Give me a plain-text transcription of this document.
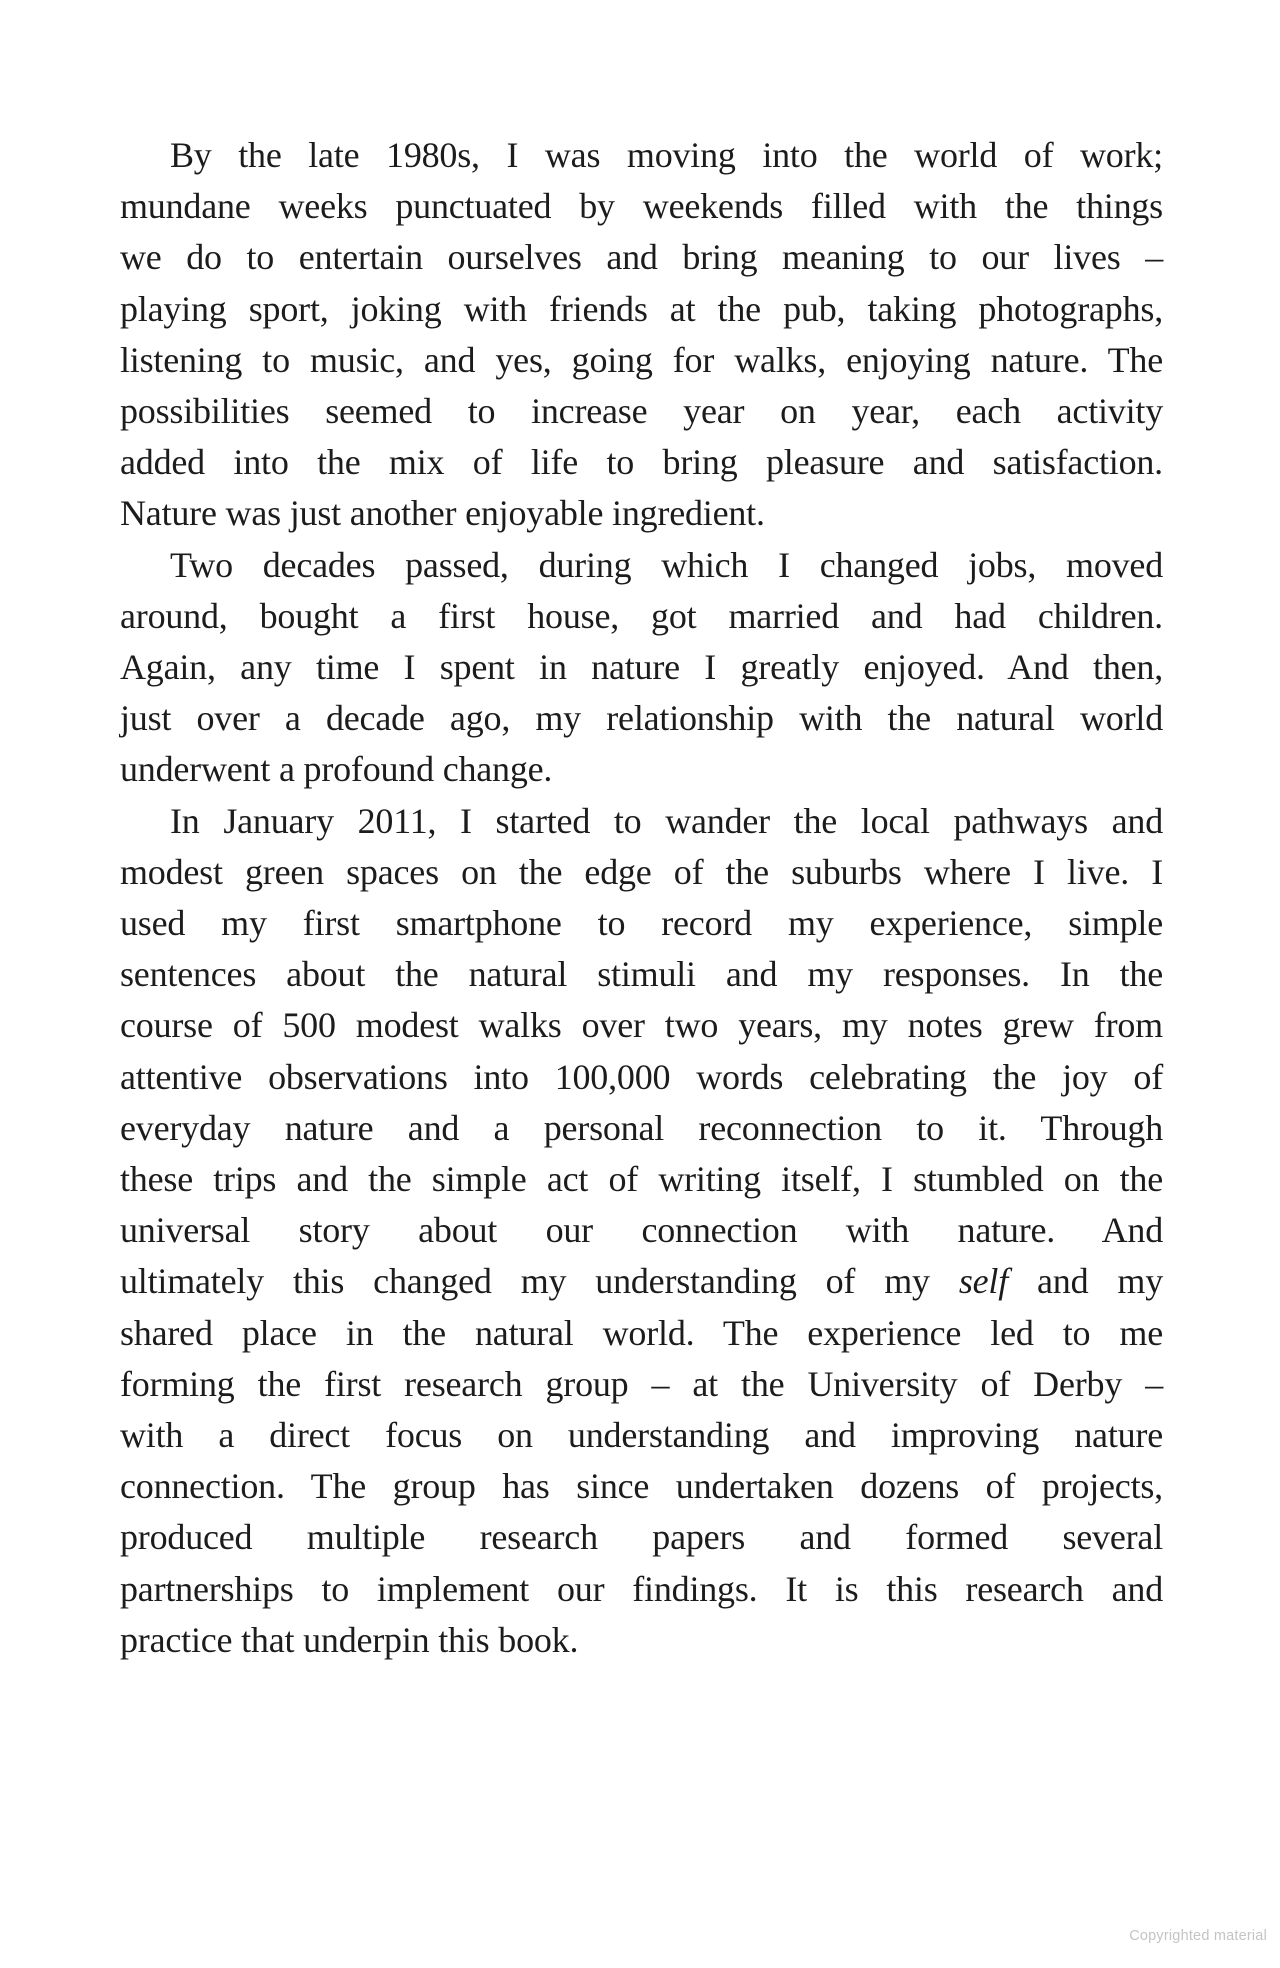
By the late 1980s, I was moving into the world of work;
mundane weeks punctuated by weekends filled with the things
we do to entertain ourselves and bring meaning to our lives –
playing sport, joking with friends at the pub, taking photographs,
listening to music, and yes, going for walks, enjoying nature. The
possibilities seemed to increase year on year, each activity
added into the mix of life to bring pleasure and satisfaction.
Nature was just another enjoyable ingredient.
Two decades passed, during which I changed jobs, moved
around, bought a first house, got married and had children.
Again, any time I spent in nature I greatly enjoyed. And then,
just over a decade ago, my relationship with the natural world
underwent a profound change.
In January 2011, I started to wander the local pathways and
modest green spaces on the edge of the suburbs where I live. I
used my first smartphone to record my experience, simple
sentences about the natural stimuli and my responses. In the
course of 500 modest walks over two years, my notes grew from
attentive observations into 100,000 words celebrating the joy of
everyday nature and a personal reconnection to it. Through
these trips and the simple act of writing itself, I stumbled on the
universal story about our connection with nature. And
ultimately this changed my understanding of my self and my
shared place in the natural world. The experience led to me
forming the first research group – at the University of Derby –
with a direct focus on understanding and improving nature
connection. The group has since undertaken dozens of projects,
produced multiple research papers and formed several
partnerships to implement our findings. It is this research and
practice that underpin this book.
Copyrighted material
